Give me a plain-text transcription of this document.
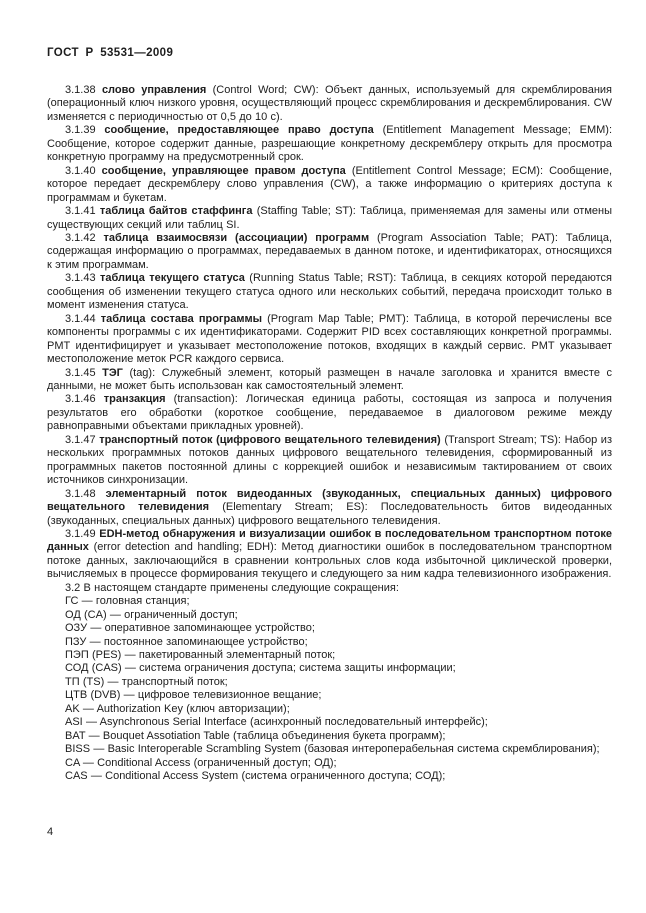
ГОСТ Р 53531—2009

3.1.38 слово управления (Control Word; CW): Объект данных, используемый для скремблирования (операционный ключ низкого уровня, осуществляющий процесс скремблирования и дескремблирования. CW изменяется с периодичностью от 0,5 до 10 с).

3.1.39 сообщение, предоставляющее право доступа (Entitlement Management Message; EMM): Сообщение, которое содержит данные, разрешающие конкретному дескремблеру открыть для просмотра конкретную программу на предусмотренный срок.

3.1.40 сообщение, управляющее правом доступа (Entitlement Control Message; ECM): Сообщение, которое передает дескремблеру слово управления (CW), а также информацию о критериях доступа к программам и букетам.

3.1.41 таблица байтов стаффинга (Staffing Table; ST): Таблица, применяемая для замены или отмены существующих секций или таблиц SI.

3.1.42 таблица взаимосвязи (ассоциации) программ (Program Association Table; PAT): Таблица, содержащая информацию о программах, передаваемых в данном потоке, и идентификаторах, относящихся к этим программам.

3.1.43 таблица текущего статуса (Running Status Table; RST): Таблица, в секциях которой передаются сообщения об изменении текущего статуса одного или нескольких событий, передача происходит только в момент изменения статуса.

3.1.44 таблица состава программы (Program Map Table; PMT): Таблица, в которой перечислены все компоненты программы с их идентификаторами. Содержит PID всех составляющих конкретной программы. PMT идентифицирует и указывает местоположение потоков, входящих в каждый сервис. PMT указывает местоположение меток PCR каждого сервиса.

3.1.45 ТЭГ (tag): Служебный элемент, который размещен в начале заголовка и хранится вместе с данными, не может быть использован как самостоятельный элемент.

3.1.46 транзакция (transaction): Логическая единица работы, состоящая из запроса и получения результатов его обработки (короткое сообщение, передаваемое в диалоговом режиме между равноправными объектами прикладных уровней).

3.1.47 транспортный поток (цифрового вещательного телевидения) (Transport Stream; TS): Набор из нескольких программных потоков данных цифрового вещательного телевидения, сформированный из программных пакетов постоянной длины с коррекцией ошибок и независимым тактированием от своих источников синхронизации.

3.1.48 элементарный поток видеоданных (звукоданных, специальных данных) цифрового вещательного телевидения (Elementary Stream; ES): Последовательность битов видеоданных (звукоданных, специальных данных) цифрового вещательного телевидения.

3.1.49 EDH-метод обнаружения и визуализации ошибок в последовательном транспортном потоке данных (error detection and handling; EDH): Метод диагностики ошибок в последовательном транспортном потоке данных, заключающийся в сравнении контрольных слов кода избыточной циклической проверки, вычисляемых в процессе формирования текущего и следующего за ним кадра телевизионного изображения.

3.2 В настоящем стандарте применены следующие сокращения:

ГС — головная станция;

ОД (CA) — ограниченный доступ;

ОЗУ — оперативное запоминающее устройство;

ПЗУ — постоянное запоминающее устройство;

ПЭП (PES) — пакетированный элементарный поток;

СОД (CAS) — система ограничения доступа; система защиты информации;

ТП (TS) — транспортный поток;

ЦТВ (DVB) — цифровое телевизионное вещание;

AK — Authorization Key (ключ авторизации);

ASI — Asynchronous Serial Interface (асинхронный последовательный интерфейс);

BAT — Bouquet Assotiation Table (таблица объединения букета программ);

BISS — Basic Interoperable Scrambling System (базовая интероперабельная система скремблирования);

CA — Conditional Access (ограниченный доступ; ОД);

CAS — Conditional Access System (система ограниченного доступа; СОД);

4
